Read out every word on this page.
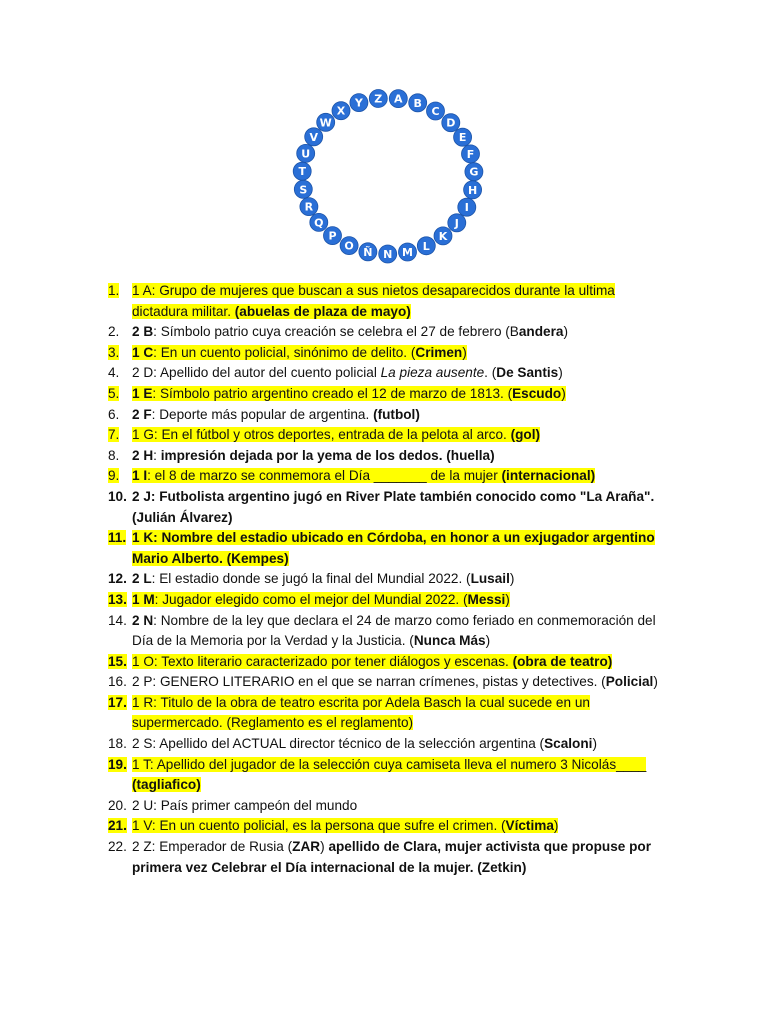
A B
C
D
E
F
G
H
I
J
K
L
M
N
Ñ
O
P
Q
R
S
T
U
V
W
X
Y Z
1. 1 A: Grupo de mujeres que buscan a sus nietos desaparecidos durante la ultima dictadura militar. (abuelas de plaza de mayo)
2. 2 B: Símbolo patrio cuya creación se celebra el 27 de febrero (Bandera)
3. 1 C: En un cuento policial, sinónimo de delito. (Crimen)
4. 2 D: Apellido del autor del cuento policial La pieza ausente. (De Santis)
5. 1 E: Símbolo patrio argentino creado el 12 de marzo de 1813. (Escudo)
6. 2 F: Deporte más popular de argentina. (futbol)
7. 1 G: En el fútbol y otros deportes, entrada de la pelota al arco. (gol)
8. 2 H: impresión dejada por la yema de los dedos. (huella)
9. 1 I: el 8 de marzo se conmemora el Día _______ de la mujer (internacional)
10. 2 J: Futbolista argentino jugó en River Plate también conocido como "La Araña". (Julián Álvarez)
11. 1 K: Nombre del estadio ubicado en Córdoba, en honor a un exjugador argentino Mario Alberto. (Kempes)
12. 2 L: El estadio donde se jugó la final del Mundial 2022. (Lusail)
13. 1 M: Jugador elegido como el mejor del Mundial 2022. (Messi)
14. 2 N: Nombre de la ley que declara el 24 de marzo como feriado en conmemoración del Día de la Memoria por la Verdad y la Justicia. (Nunca Más)
15. 1 O: Texto literario caracterizado por tener diálogos y escenas. (obra de teatro)
16. 2 P: GENERO LITERARIO en el que se narran crímenes, pistas y detectives. (Policial)
17. 1 R: Titulo de la obra de teatro escrita por Adela Basch la cual sucede en un supermercado. (Reglamento es el reglamento)
18. 2 S: Apellido del ACTUAL director técnico de la selección argentina (Scaloni)
19. 1 T: Apellido del jugador de la selección cuya camiseta lleva el numero 3 Nicolás____ (tagliafico)
20. 2 U: País primer campeón del mundo
21. 1 V: En un cuento policial, es la persona que sufre el crimen. (Víctima)
22. 2 Z: Emperador de Rusia (ZAR) apellido de Clara, mujer activista que propuse por primera vez Celebrar el Día internacional de la mujer. (Zetkin)
